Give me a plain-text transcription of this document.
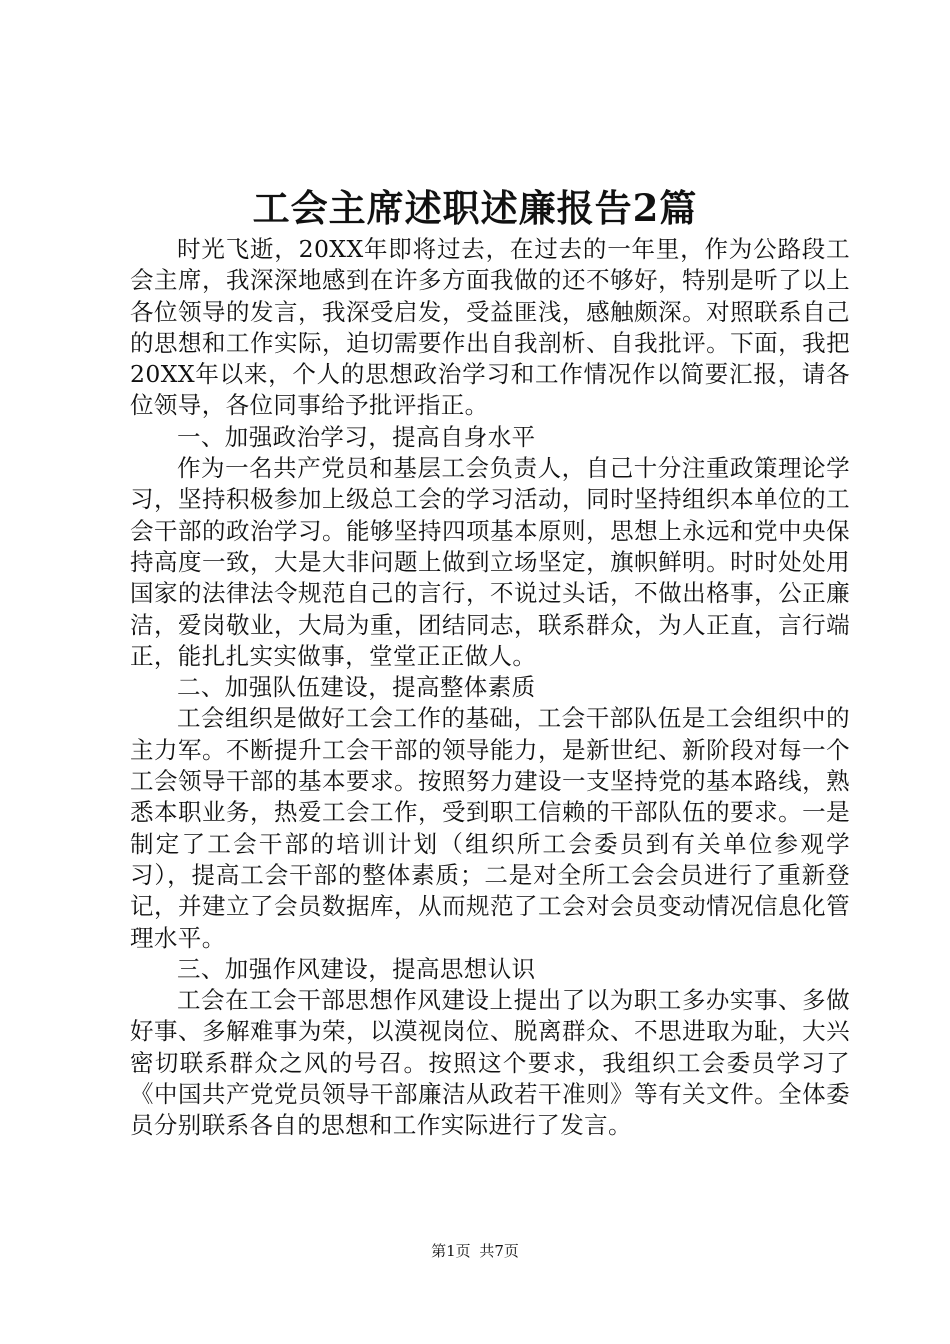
工会主席述职述廉报告2篇

时光飞逝，20XX年即将过去，在过去的一年里，作为公路段工会主席，我深深地感到在许多方面我做的还不够好，特别是听了以上各位领导的发言，我深受启发，受益匪浅，感触颇深。对照联系自己的思想和工作实际，迫切需要作出自我剖析、自我批评。下面，我把20XX年以来，个人的思想政治学习和工作情况作以简要汇报，请各位领导，各位同事给予批评指正。

一、加强政治学习，提高自身水平

作为一名共产党员和基层工会负责人，自己十分注重政策理论学习，坚持积极参加上级总工会的学习活动，同时坚持组织本单位的工会干部的政治学习。能够坚持四项基本原则，思想上永远和党中央保持高度一致，大是大非问题上做到立场坚定，旗帜鲜明。时时处处用国家的法律法令规范自己的言行，不说过头话，不做出格事，公正廉洁，爱岗敬业，大局为重，团结同志，联系群众，为人正直，言行端正，能扎扎实实做事，堂堂正正做人。

二、加强队伍建设，提高整体素质

工会组织是做好工会工作的基础，工会干部队伍是工会组织中的主力军。不断提升工会干部的领导能力，是新世纪、新阶段对每一个工会领导干部的基本要求。按照努力建设一支坚持党的基本路线，熟悉本职业务，热爱工会工作，受到职工信赖的干部队伍的要求。一是制定了工会干部的培训计划（组织所工会委员到有关单位参观学习），提高工会干部的整体素质；二是对全所工会会员进行了重新登记，并建立了会员数据库，从而规范了工会对会员变动情况信息化管理水平。

三、加强作风建设，提高思想认识

工会在工会干部思想作风建设上提出了以为职工多办实事、多做好事、多解难事为荣，以漠视岗位、脱离群众、不思进取为耻，大兴密切联系群众之风的号召。按照这个要求，我组织工会委员学习了《中国共产党党员领导干部廉洁从政若干准则》等有关文件。全体委员分别联系各自的思想和工作实际进行了发言。

第1页 共7页
